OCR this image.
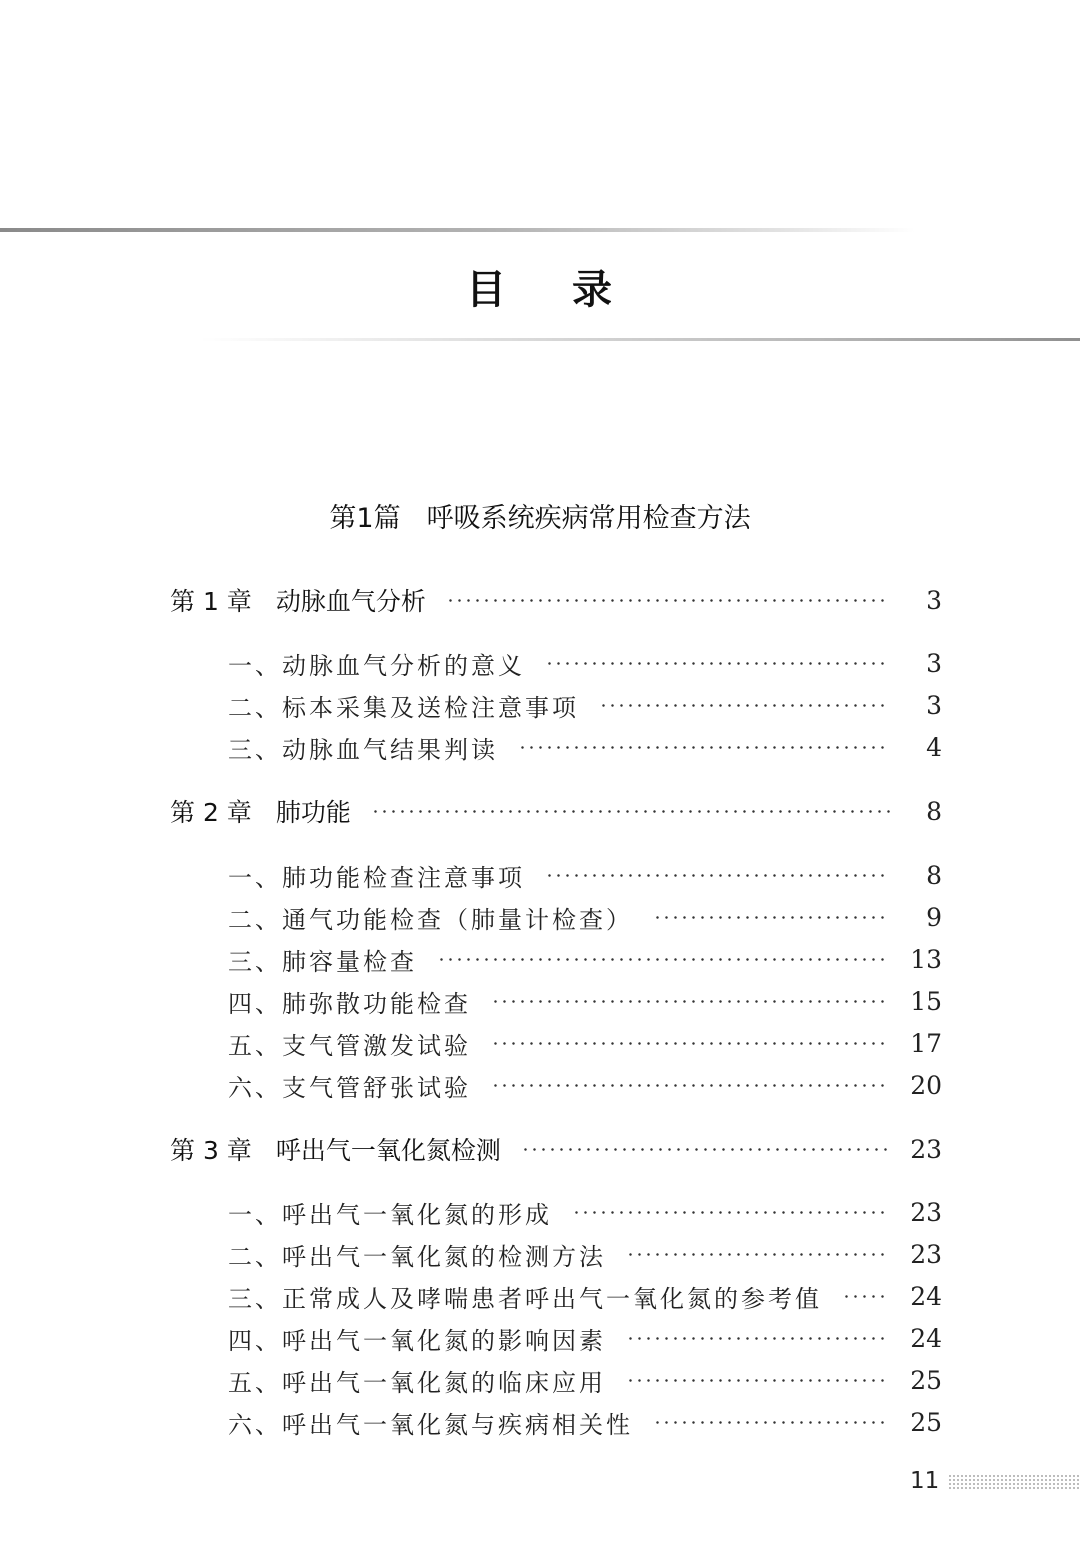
目 录
第1篇 呼吸系统疾病常用检查方法
第 1 章 动脉血气分析	3
一、动脉血气分析的意义	3
二、标本采集及送检注意事项	3
三、动脉血气结果判读	4
第 2 章 肺功能	8
一、肺功能检查注意事项	8
二、通气功能检查（肺量计检查）	9
三、肺容量检查	13
四、肺弥散功能检查	15
五、支气管激发试验	17
六、支气管舒张试验	20
第 3 章 呼出气一氧化氮检测	23
一、呼出气一氧化氮的形成	23
二、呼出气一氧化氮的检测方法	23
三、正常成人及哮喘患者呼出气一氧化氮的参考值	24
四、呼出气一氧化氮的影响因素	24
五、呼出气一氧化氮的临床应用	25
六、呼出气一氧化氮与疾病相关性	25
11
